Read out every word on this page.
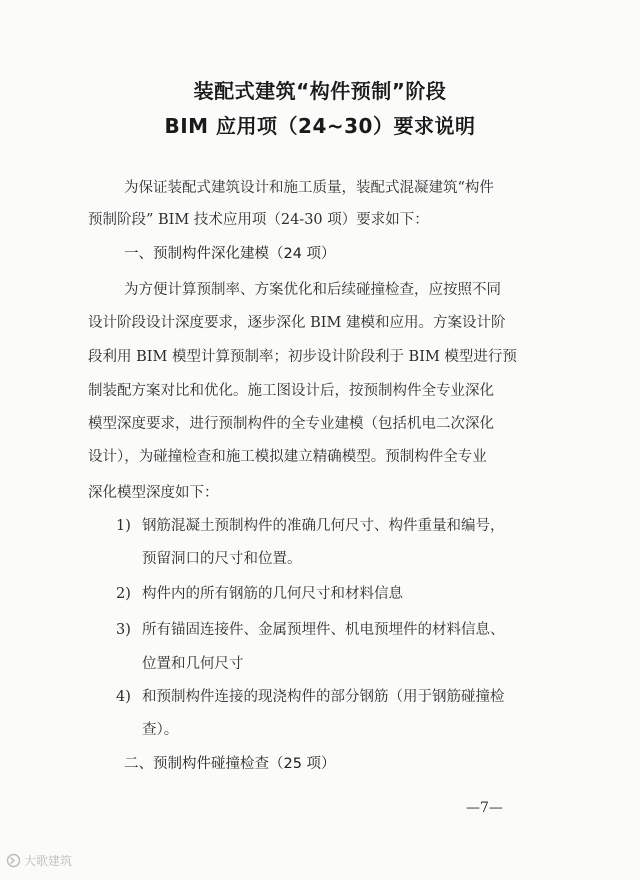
装配式建筑“构件预制”阶段
BIM 应用项（24~30）要求说明
为保证装配式建筑设计和施工质量，装配式混凝建筑“构件
预制阶段” BIM 技术应用项（24-30 项）要求如下：
一、预制构件深化建模（24 项）
为方便计算预制率、方案优化和后续碰撞检查，应按照不同
设计阶段设计深度要求，逐步深化 BIM 建模和应用。方案设计阶
段利用 BIM 模型计算预制率；初步设计阶段利于 BIM 模型进行预
制装配方案对比和优化。施工图设计后，按预制构件全专业深化
模型深度要求，进行预制构件的全专业建模（包括机电二次深化
设计），为碰撞检查和施工模拟建立精确模型。预制构件全专业
深化模型深度如下：
1) 钢筋混凝土预制构件的准确几何尺寸、构件重量和编号，
预留洞口的尺寸和位置。
2) 构件内的所有钢筋的几何尺寸和材料信息
3) 所有锚固连接件、金属预埋件、机电预埋件的材料信息、
位置和几何尺寸
4) 和预制构件连接的现浇构件的部分钢筋（用于钢筋碰撞检
查）。
二、预制构件碰撞检查（25 项）
—7—
大歌建筑
